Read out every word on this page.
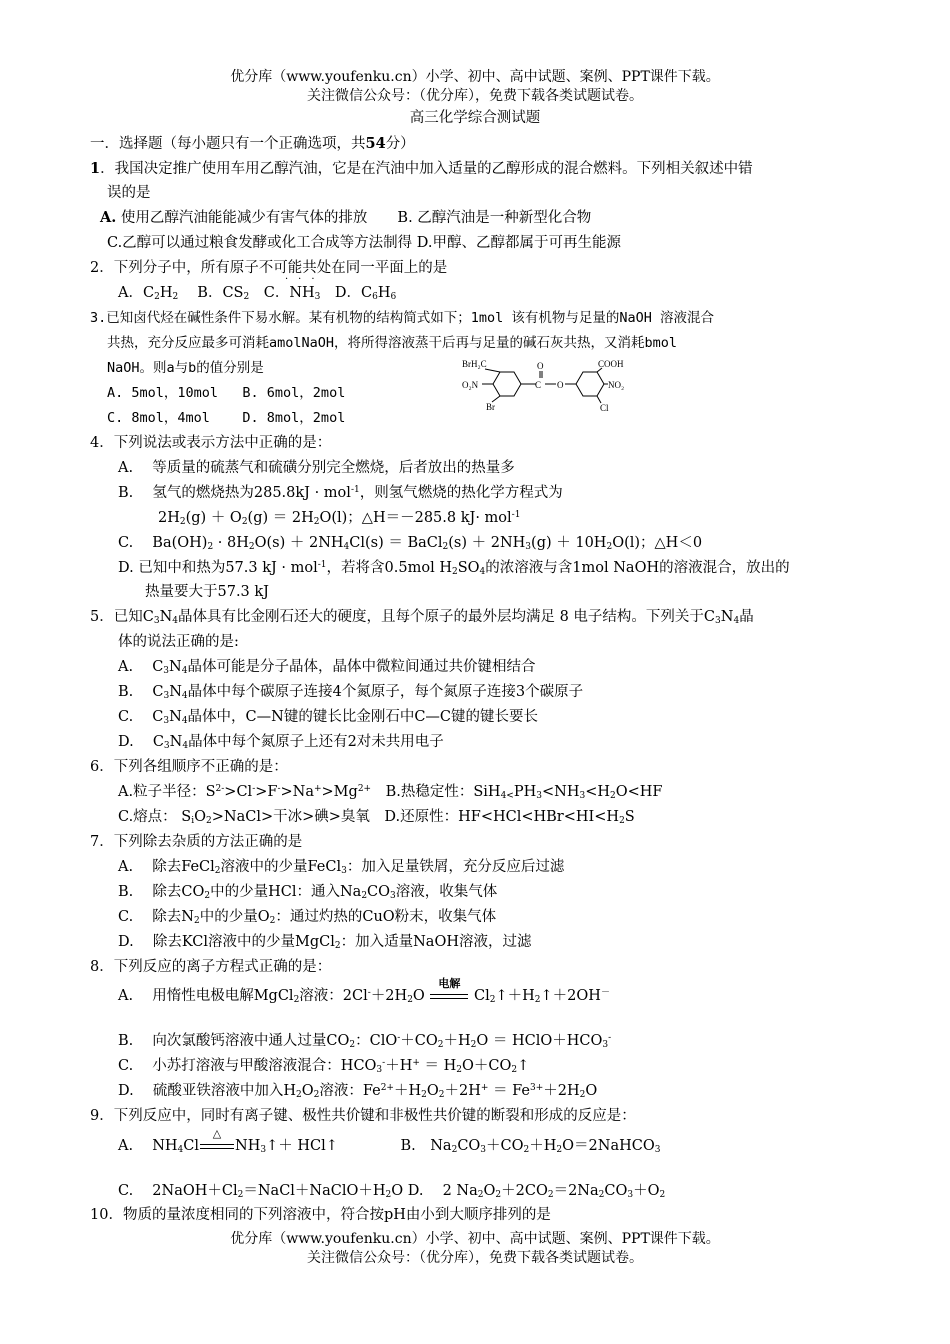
优分库（www.youfenku.cn）小学、初中、高中试题、案例、PPT课件下载。
关注微信公众号：（优分库），免费下载各类试题试卷。
高三化学综合测试题
一．选择题（每小题只有一个正确选项，共54分）
1．我国决定推广使用车用乙醇汽油，它是在汽油中加入适量的乙醇形成的混合燃料。下列相关叙述中错
误的是
A. 使用乙醇汽油能能减少有害气体的排放 B. 乙醇汽油是一种新型化合物
C.乙醇可以通过粮食发酵或化工合成等方法制得 D.甲醇、乙醇都属于可再生能源
2．下列分子中，所有原子不可能共处在同一平面上的是
···
A．$C_2H_2$　 B．$CS_2$　C．$NH_3$　D．$C_6H_6$
3.已知卤代烃在碱性条件下易水解。某有机物的结构简式如下；1mol 该有机物与足量的NaOH 溶液混合
共热，充分反应最多可消耗amolNaOH，将所得溶液蒸干后再与足量的碱石灰共热，又消耗bmol
NaOH。则a与b的值分别是
A. 5mol，10mol   B. 6mol，2mol
C. 8mol，4mol    D. 8mol，2mol
BrH₂C
O₂N
Br
O
C O
COOH
NO₂
Cl
4．下列说法或表示方法中正确的是：
A.　 等质量的硫蒸气和硫磺分别完全燃烧，后者放出的热量多
B.　 氢气的燃烧热为285.8kJ · mol$^{-1}$，则氢气燃烧的热化学方程式为
$2H_2(g) + O_2(g) = 2H_2O(l)$；△H＝－285.8 kJ· mol$^{-1}$
C.　 $Ba(OH)_2 \cdot 8H_2O(s) + 2NH_4Cl(s)$ ＝ BaCl$_2$(s) ＋ $2NH_3(g) + 10H_2O(l)$；△H＜0
D. 已知中和热为57.3 kJ · mol$^{-1}$，若将含0.5mol $H_2SO_4$的浓溶液与含1mol NaOH的溶液混合，放出的
热量要大于57.3 kJ
5．已知$C_3N_4$晶体具有比金刚石还大的硬度，且每个原子的最外层均满足 8 电子结构。下列关于$C_3N_4$晶
体的说法正确的是:
A.　 $C_3N_4$晶体可能是分子晶体，晶体中微粒间通过共价键相结合
B.　 $C_3N_4$晶体中每个碳原子连接4个氮原子，每个氮原子连接3个碳原子
C.　 $C_3N_4$晶体中，C—N键的键长比金刚石中C—C键的键长要长
D.　 $C_3N_4$晶体中每个氮原子上还有2对未共用电子
6．下列各组顺序不正确的是：
A.粒子半径：$S^{2-}>Cl^->F^->Na^+>Mg^{2+}$　B.热稳定性：$SiH_{4<}PH_3<NH_3<H_2O<HF$
C.熔点： $S_iO_2>NaCl>$干冰>碘>臭氧　D.还原性：$HF<HCl<HBr<HI<H_2S$
7．下列除去杂质的方法正确的是
A.　 除去FeCl$_2$溶液中的少量FeCl$_3$：加入足量铁屑，充分反应后过滤
B.　 除去$CO_2$中的少量HCl：通入$Na_2CO_3$溶液，收集气体
C.　 除去$N_2$中的少量$O_2$：通过灼热的CuO粉末，收集气体
D.　 除去KCl溶液中的少量MgCl$_2$：加入适量NaOH溶液，过滤
8．下列反应的离子方程式正确的是：
A.　 用惰性电极电解MgCl$_2$溶液：$2Cl^-+2H_2O$
电解
$Cl_2↑+H_2↑+2OH^-$
B.　 向次氯酸钙溶液中通人过量$CO_2$：$ClO^-+CO_2+H_2O$ ＝ $HClO+HCO_3^-$
C.　 小苏打溶液与甲酸溶液混合：$HCO_3^-+H^+$ ＝ $H_2O+CO_2↑$
D.　 硫酸亚铁溶液中加入$H_2O_2$溶液：$Fe^{2+}+H_2O_2+2H^+ = Fe^{3+}+2H_2O$
9．下列反应中，同时有离子键、极性共价键和非极性共价键的断裂和形成的反应是：
A.　 $NH_4Cl$
△
$NH_3↑+$ HCl↑　　　　 B.　$Na_2CO_3+CO_2+H_2O=2NaHCO_3$
C.　 $2NaOH+Cl_2=NaCl+NaClO+H_2O$ D.　 2 $Na_2O_2+2CO_2=2Na_2CO_3+O_2$
10．物质的量浓度相同的下列溶液中，符合按pH由小到大顺序排列的是
优分库（www.youfenku.cn）小学、初中、高中试题、案例、PPT课件下载。
关注微信公众号：（优分库），免费下载各类试题试卷。
